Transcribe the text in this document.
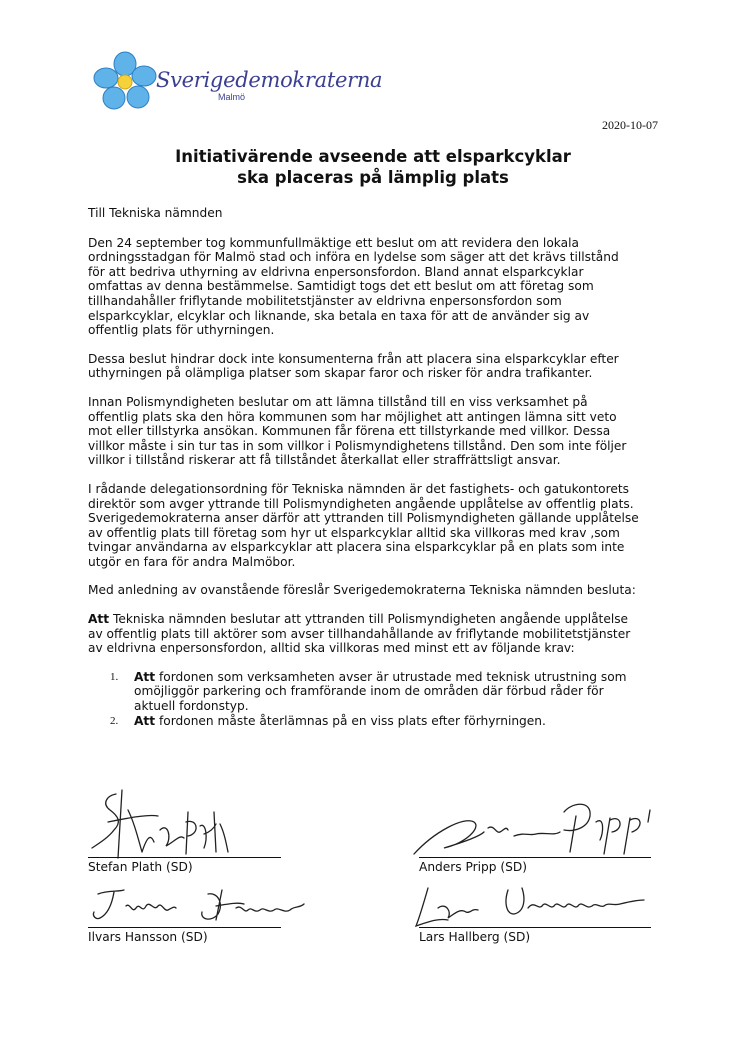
Sverigedemokraterna
Malmö
2020-10-07
Initiativärende avseende att elsparkcyklar
ska placeras på lämplig plats

Till Tekniska nämnden

Den 24 september tog kommunfullmäktige ett beslut om att revidera den lokala
ordningsstadgan för Malmö stad och införa en lydelse som säger att det krävs tillstånd
för att bedriva uthyrning av eldrivna enpersonsfordon. Bland annat elsparkcyklar
omfattas av denna bestämmelse. Samtidigt togs det ett beslut om att företag som
tillhandahåller friflytande mobilitetstjänster av eldrivna enpersonsfordon som
elsparkcyklar, elcyklar och liknande, ska betala en taxa för att de använder sig av
offentlig plats för uthyrningen.

Dessa beslut hindrar dock inte konsumenterna från att placera sina elsparkcyklar efter
uthyrningen på olämpliga platser som skapar faror och risker för andra trafikanter.

Innan Polismyndigheten beslutar om att lämna tillstånd till en viss verksamhet på
offentlig plats ska den höra kommunen som har möjlighet att antingen lämna sitt veto
mot eller tillstyrka ansökan. Kommunen får förena ett tillstyrkande med villkor. Dessa
villkor måste i sin tur tas in som villkor i Polismyndighetens tillstånd. Den som inte följer
villkor i tillstånd riskerar att få tillståndet återkallat eller straffrättsligt ansvar.

I rådande delegationsordning för Tekniska nämnden är det fastighets- och gatukontorets
direktör som avger yttrande till Polismyndigheten angående upplåtelse av offentlig plats.
Sverigedemokraterna anser därför att yttranden till Polismyndigheten gällande upplåtelse
av offentlig plats till företag som hyr ut elsparkcyklar alltid ska villkoras med krav ,som
tvingar användarna av elsparkcyklar att placera sina elsparkcyklar på en plats som inte
utgör en fara för andra Malmöbor.

Med anledning av ovanstående föreslår Sverigedemokraterna Tekniska nämnden besluta:

Att Tekniska nämnden beslutar att yttranden till Polismyndigheten angående upplåtelse
av offentlig plats till aktörer som avser tillhandahållande av friflytande mobilitetstjänster
av eldrivna enpersonsfordon, alltid ska villkoras med minst ett av följande krav:

1. Att fordonen som verksamheten avser är utrustade med teknisk utrustning som
omöjliggör parkering och framförande inom de områden där förbud råder för
aktuell fordonstyp.
2. Att fordonen måste återlämnas på en viss plats efter förhyrningen.
Stefan Plath (SD)	Anders Pripp (SD)
Ilvars Hansson (SD)	Lars Hallberg (SD)
